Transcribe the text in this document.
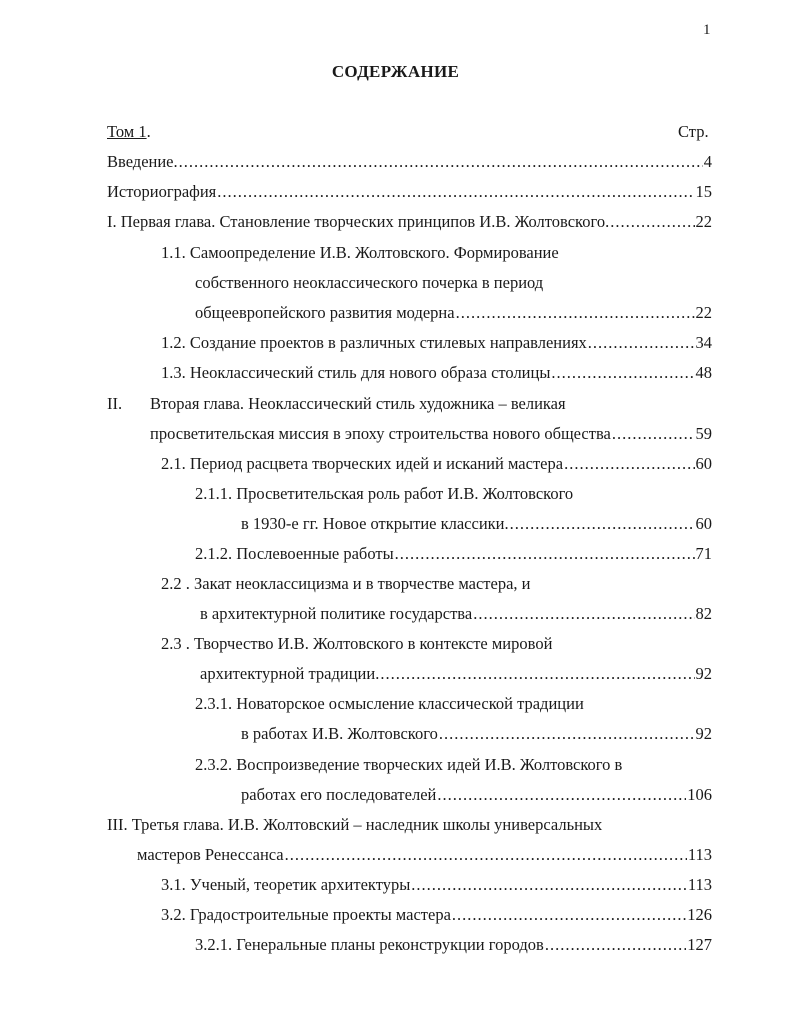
1
СОДЕРЖАНИЕ
Том 1.	Стр.
Введение. .....	4
Историография .....	15
I. Первая глава. Становление творческих принципов И.В. Жолтовского. .....	22
1.1. Самоопределение И.В. Жолтовского. Формирование
собственного неоклассического почерка в период
общеевропейского развития модерна .....	22
1.2. Создание проектов в различных стилевых направлениях .....	34
1.3. Неоклассический стиль для нового образа столицы .....	48
II. Вторая глава. Неоклассический стиль художника – великая
просветительская миссия в эпоху строительства нового общества .....	59
2.1. Период расцвета творческих идей и исканий мастера .....	60
2.1.1. Просветительская роль работ И.В. Жолтовского
в 1930-е гг. Новое открытие классики. .....	60
2.1.2. Послевоенные работы .....	71
2.2 . Закат неоклассицизма и в творчестве мастера, и
в архитектурной политике государства .....	82
2.3 . Творчество И.В. Жолтовского в контексте мировой
архитектурной традиции. .....	92
2.3.1. Новаторское осмысление классической традиции
в работах И.В. Жолтовского .....	92
2.3.2. Воспроизведение творческих идей И.В. Жолтовского в
работах его последователей .....	106
III. Третья глава. И.В. Жолтовский – наследник школы универсальных
мастеров Ренессанса .....	113
3.1. Ученый, теоретик архитектуры .....	113
3.2. Градостроительные проекты мастера .....	126
3.2.1. Генеральные планы реконструкции городов .....	127
